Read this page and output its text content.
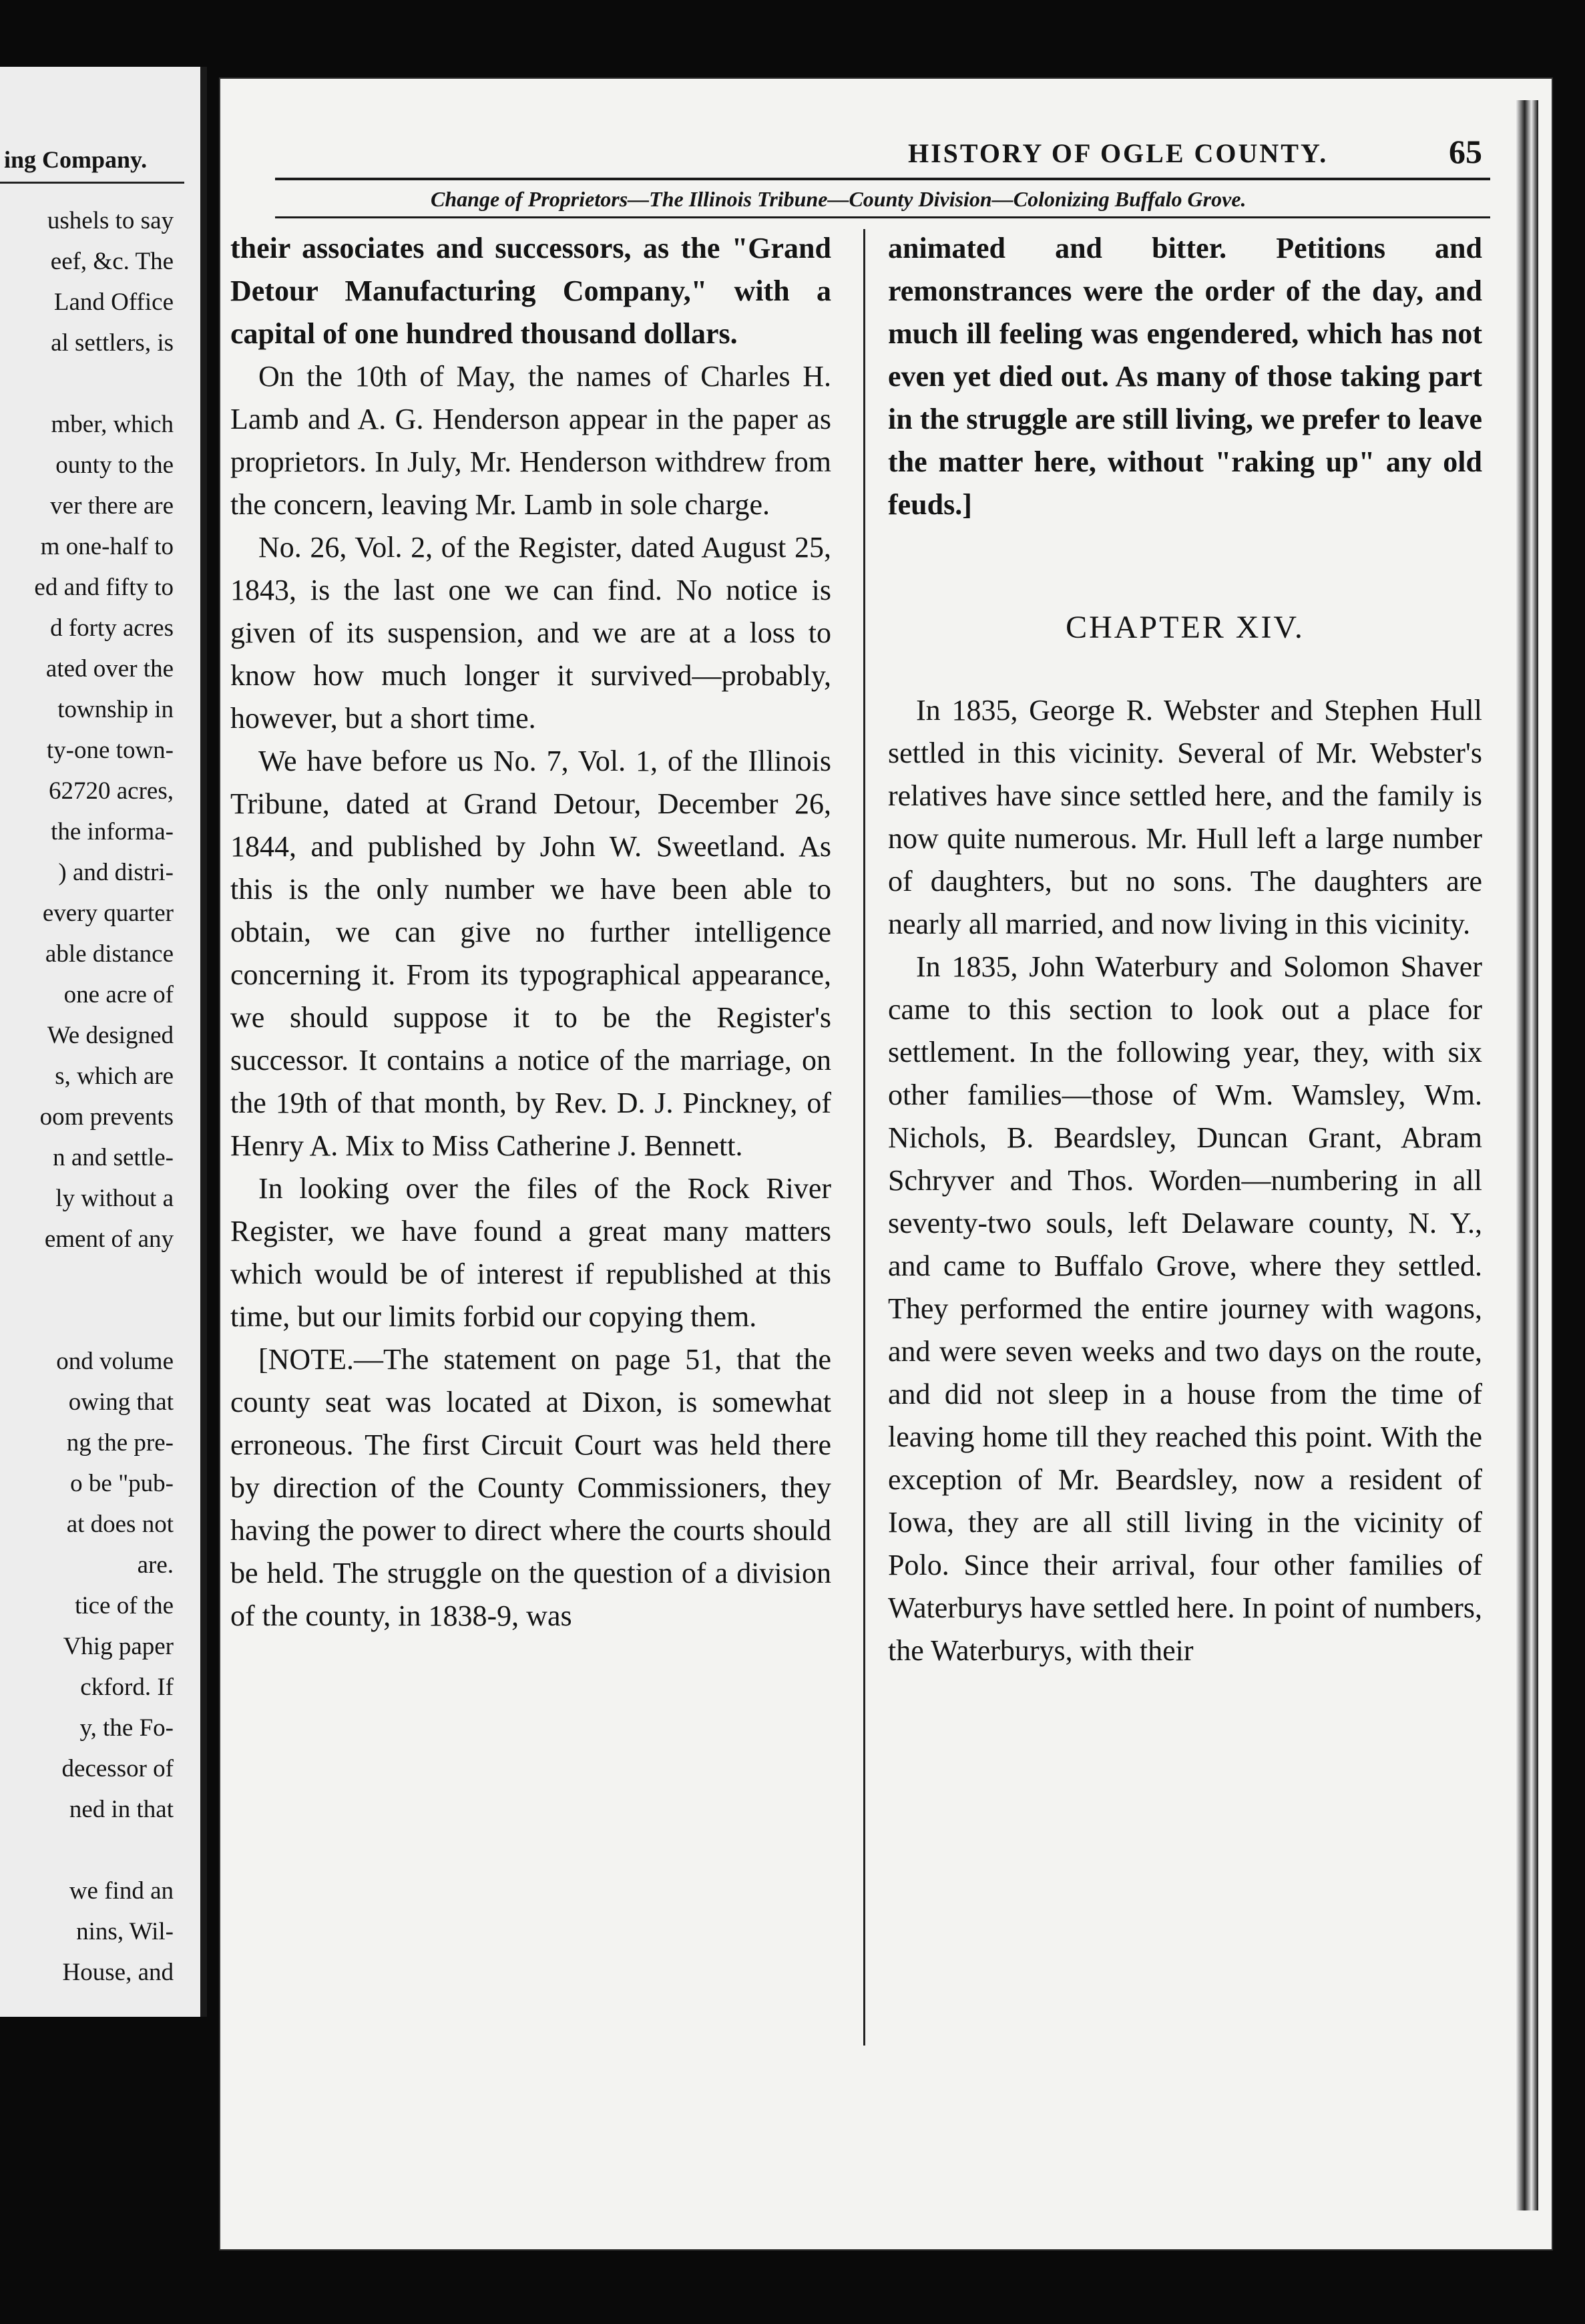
ing Company.
ushels to say
eef, &c. The
Land Office
al settlers, is
mber, which
ounty to the
ver there are
m one-half to
ed and fifty to
d forty acres
ated over the
township in
ty-one town-
62720 acres,
the informa-
) and distri-
every quarter
able distance
one acre of
We designed
s, which are
oom prevents
n and settle-
ly without a
ement of any
ond volume
owing that
ng the pre-
o be "pub-
at does not
are.
tice of the
Vhig paper
ckford. If
y, the Fo-
decessor of
ned in that
we find an
nins, Wil-
House, and
HISTORY OF OGLE COUNTY.	65
Change of Proprietors—The Illinois Tribune—County Division—Colonizing Buffalo Grove.

their associates and successors, as the "Grand Detour Manufacturing Company," with a capital of one hundred thousand dollars.

On the 10th of May, the names of Charles H. Lamb and A. G. Henderson appear in the paper as proprietors. In July, Mr. Henderson withdrew from the concern, leaving Mr. Lamb in sole charge.

No. 26, Vol. 2, of the Register, dated August 25, 1843, is the last one we can find. No notice is given of its suspension, and we are at a loss to know how much longer it survived—probably, however, but a short time.

We have before us No. 7, Vol. 1, of the Illinois Tribune, dated at Grand Detour, December 26, 1844, and published by John W. Sweetland. As this is the only number we have been able to obtain, we can give no further intelligence concerning it. From its typographical appearance, we should suppose it to be the Register's successor. It contains a notice of the marriage, on the 19th of that month, by Rev. D. J. Pinckney, of Henry A. Mix to Miss Catherine J. Bennett.

In looking over the files of the Rock River Register, we have found a great many matters which would be of interest if republished at this time, but our limits forbid our copying them.

[NOTE.—The statement on page 51, that the county seat was located at Dixon, is somewhat erroneous. The first Circuit Court was held there by direction of the County Commissioners, they having the power to direct where the courts should be held. The struggle on the question of a division of the county, in 1838-9, was

animated and bitter. Petitions and remonstrances were the order of the day, and much ill feeling was engendered, which has not even yet died out. As many of those taking part in the struggle are still living, we prefer to leave the matter here, without "raking up" any old feuds.]

CHAPTER XIV.

In 1835, George R. Webster and Stephen Hull settled in this vicinity. Several of Mr. Webster's relatives have since settled here, and the family is now quite numerous. Mr. Hull left a large number of daughters, but no sons. The daughters are nearly all married, and now living in this vicinity.

In 1835, John Waterbury and Solomon Shaver came to this section to look out a place for settlement. In the following year, they, with six other families—those of Wm. Wamsley, Wm. Nichols, B. Beardsley, Duncan Grant, Abram Schryver and Thos. Worden—numbering in all seventy-two souls, left Delaware county, N. Y., and came to Buffalo Grove, where they settled. They performed the entire journey with wagons, and were seven weeks and two days on the route, and did not sleep in a house from the time of leaving home till they reached this point. With the exception of Mr. Beardsley, now a resident of Iowa, they are all still living in the vicinity of Polo. Since their arrival, four other families of Waterburys have settled here. In point of numbers, the Waterburys, with their
